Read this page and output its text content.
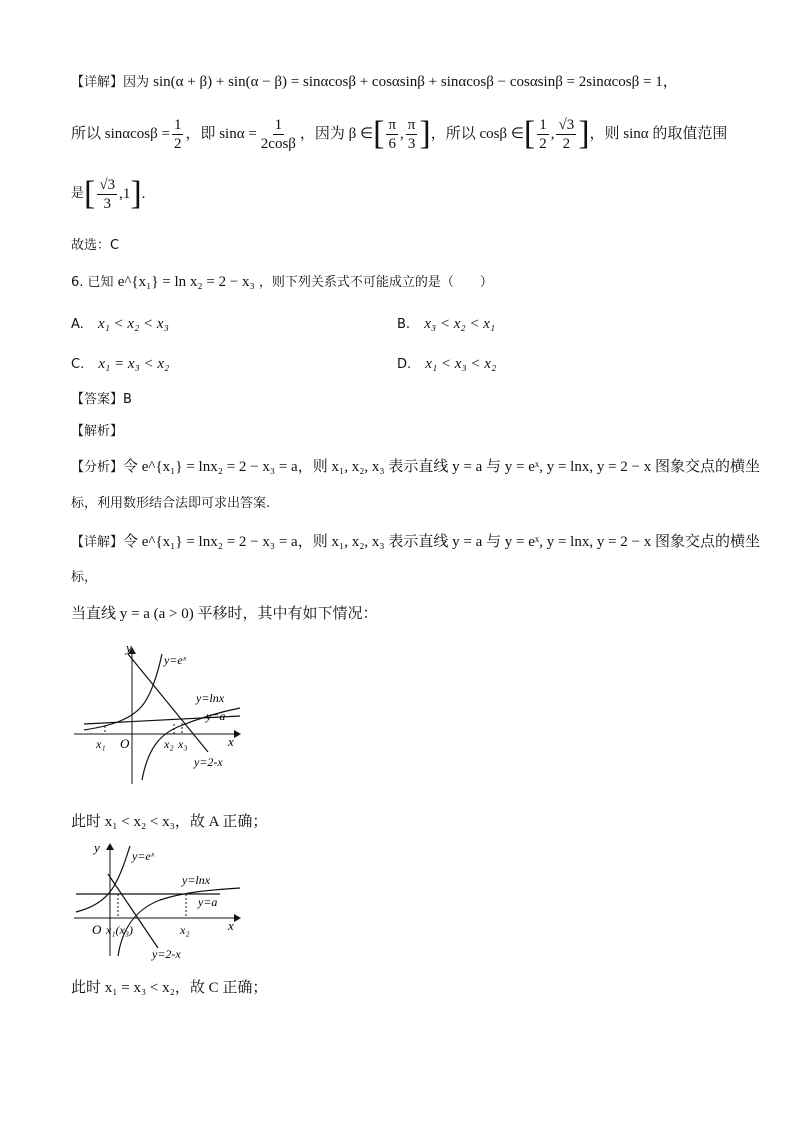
【详解】因为 sin(α + β) + sin(α − β) = sinαcosβ + cosαsinβ + sinαcosβ − cosαsinβ = 2sinαcosβ = 1，
所以 $\sin\alpha\cos\beta = \frac{1}{2}$ ，即 $\sin\alpha = \frac{1}{2\cos\beta}$ ，因为 β ∈ [ $\frac{\pi}{6}$ , $\frac{\pi}{3}$ ] ，所以 cosβ ∈ [ $\frac{1}{2}$ , $\frac{√3}{2}$ ] ，则 sinα 的取值范围
是 [ $\frac{√3}{3} ,1$ ] .
故选：C
6. 已知 e^{x₁} = ln x₂ = 2 − x₃ ，则下列关系式不可能成立的是（　　）
A. x₁ < x₂ < x₃	B. x₃ < x₂ < x₁
C. x₁ = x₃ < x₂	D. x₁ < x₃ < x₂
【答案】B
【解析】
【分析】令 e^{x₁} = lnx₂ = 2 − x₃ = a，则 x₁, x₂, x₃ 表示直线 y = a 与 y = eˣ, y = lnx, y = 2 − x 图象交点的横坐
标，利用数形结合法即可求出答案.
【详解】令 e^{x₁} = lnx₂ = 2 − x₃ = a，则 x₁, x₂, x₃ 表示直线 y = a 与 y = eˣ, y = lnx, y = 2 − x 图象交点的横坐
标，
当直线 y = a (a > 0) 平移时，其中有如下情况：
y
x
O
y=eˣ
y=lnx
y=a
y=2-x
x₁	x₂ x₃
此时 x₁ < x₂ < x₃，故 A 正确；
y
x
O
y=eˣ
y=lnx
y=a
y=2-x
x₁(x₃)	x₂
此时 x₁ = x₃ < x₂，故 C 正确；
